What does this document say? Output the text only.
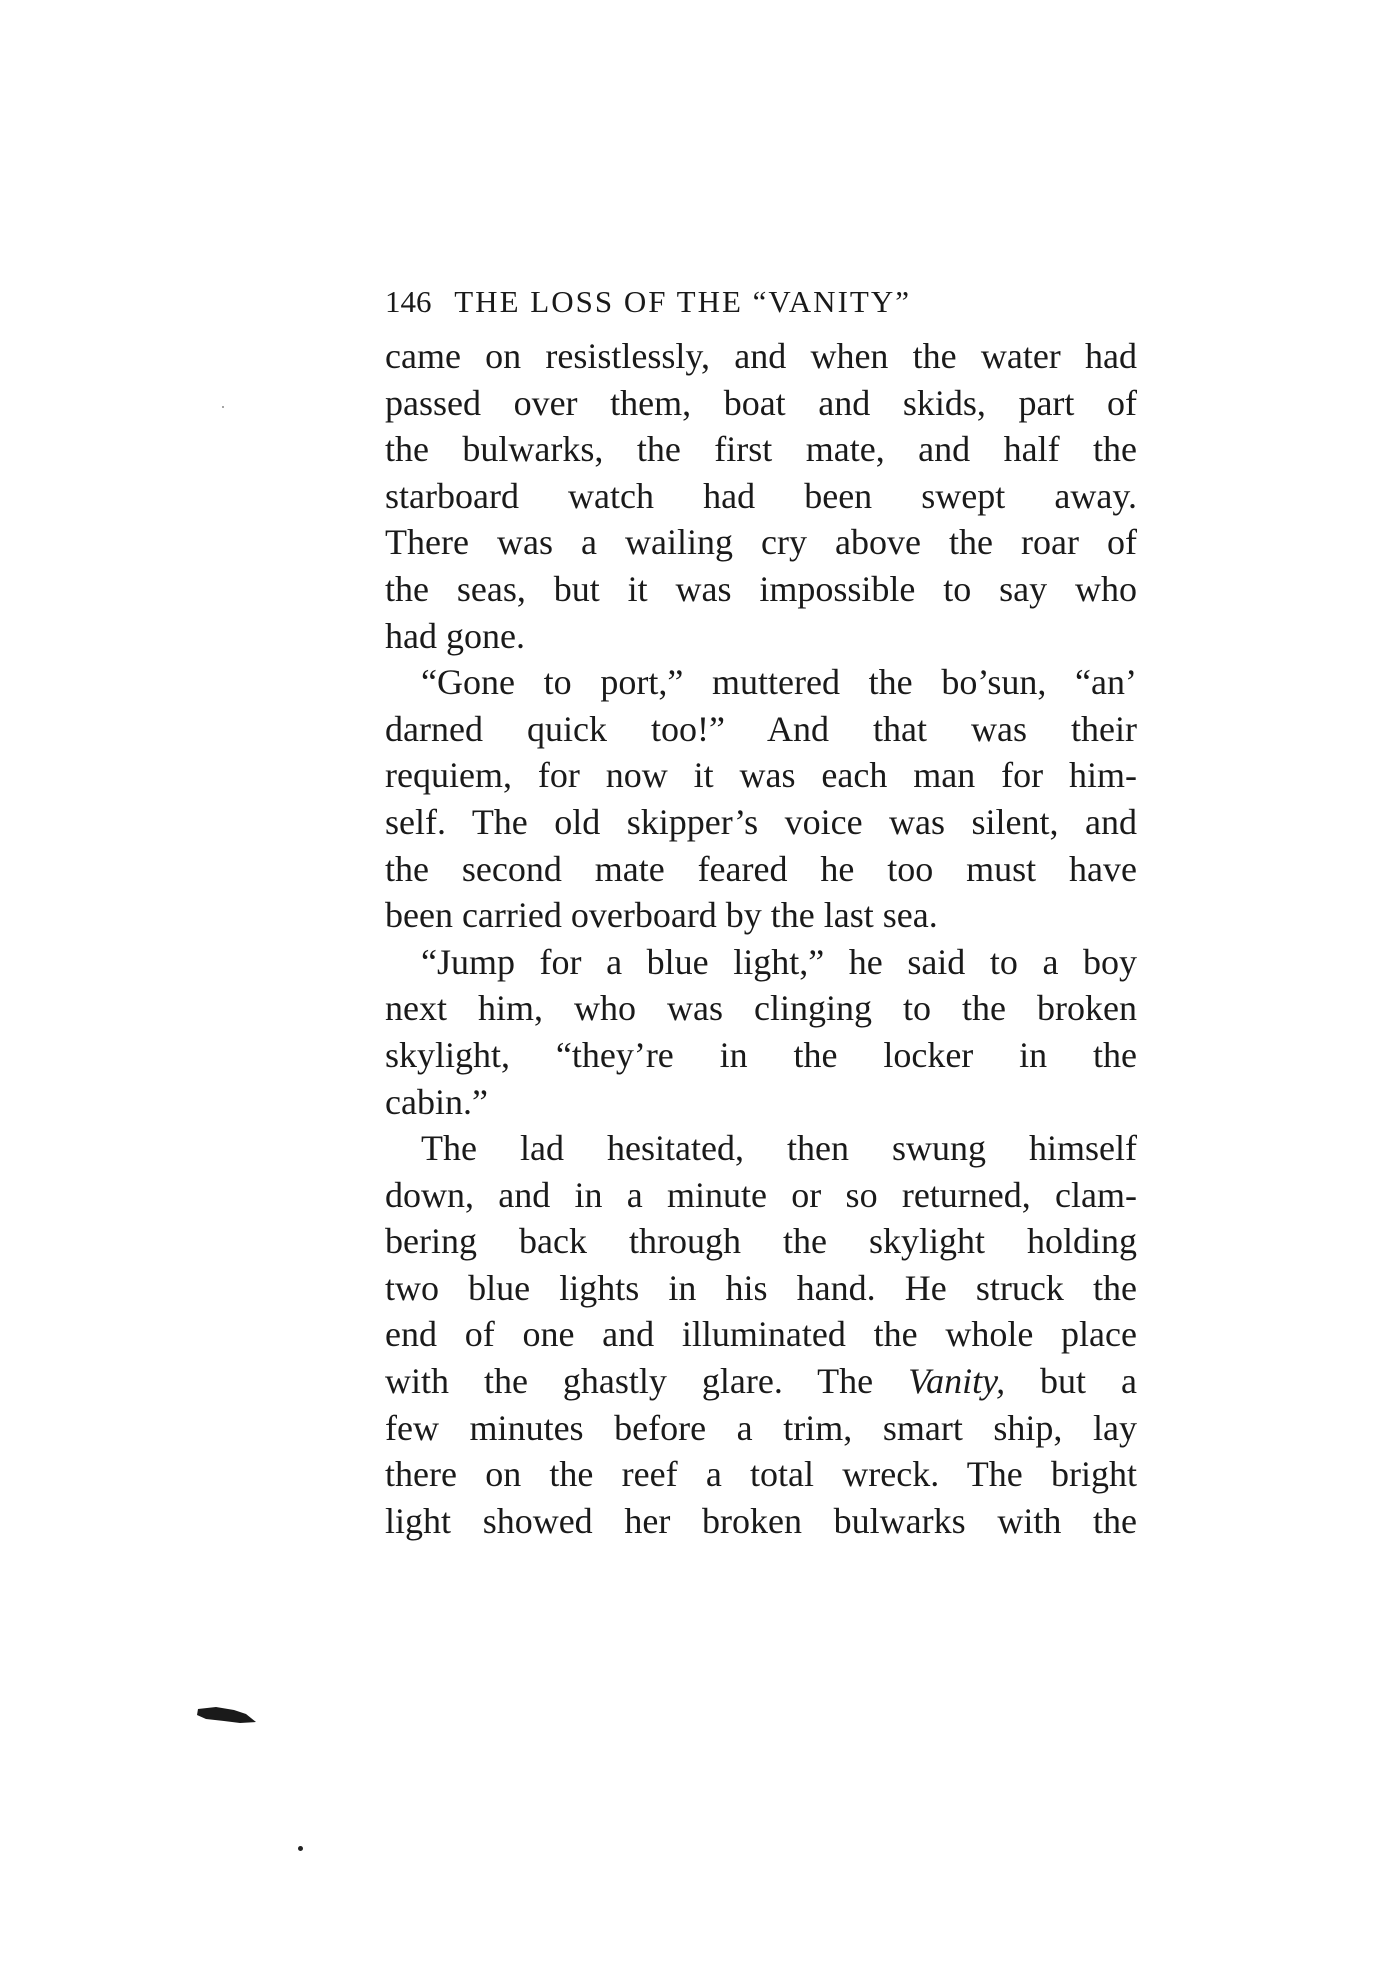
146 THE LOSS OF THE “VANITY”
came on resistlessly, and when the water had
passed over them, boat and skids, part of
the bulwarks, the first mate, and half the
starboard watch had been swept away.
There was a wailing cry above the roar of
the seas, but it was impossible to say who
had gone.
“Gone to port,” muttered the bo’sun, “an’
darned quick too!” And that was their
requiem, for now it was each man for him-
self. The old skipper’s voice was silent, and
the second mate feared he too must have
been carried overboard by the last sea.
“Jump for a blue light,” he said to a boy
next him, who was clinging to the broken
skylight, “they’re in the locker in the
cabin.”
The lad hesitated, then swung himself
down, and in a minute or so returned, clam-
bering back through the skylight holding
two blue lights in his hand. He struck the
end of one and illuminated the whole place
with the ghastly glare. The Vanity, but a
few minutes before a trim, smart ship, lay
there on the reef a total wreck. The bright
light showed her broken bulwarks with the
